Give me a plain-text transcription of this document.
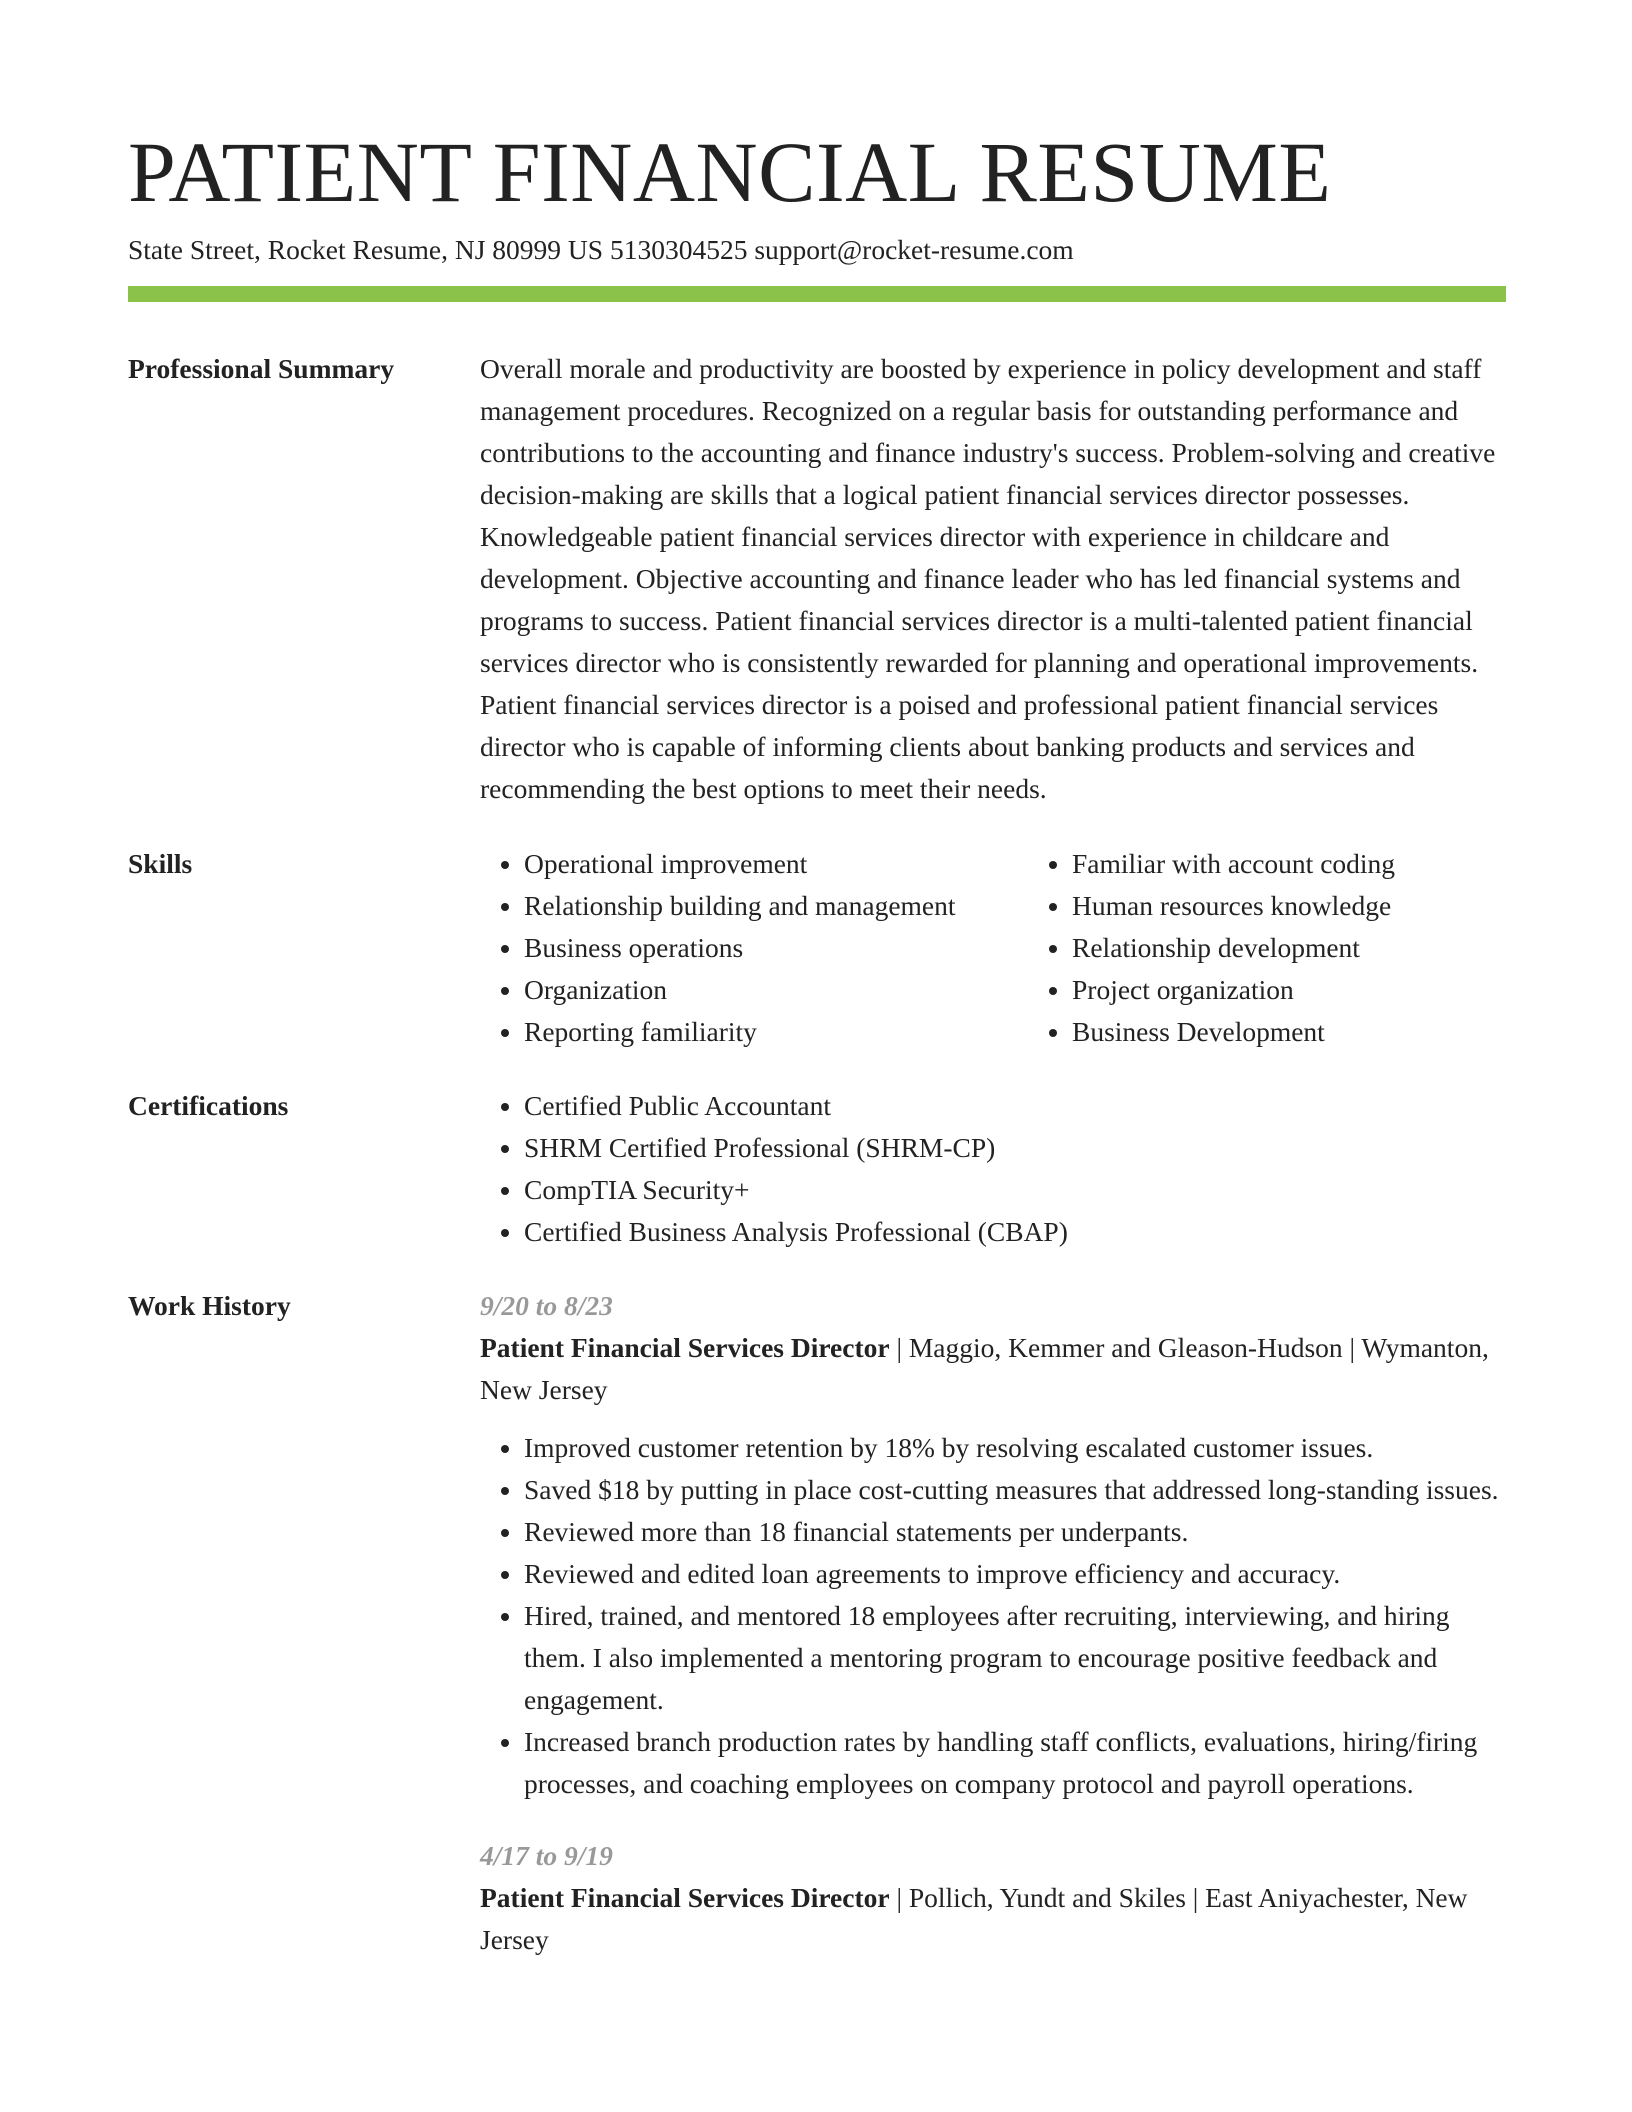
PATIENT FINANCIAL RESUME
State Street, Rocket Resume, NJ 80999 US 5130304525 support@rocket-resume.com
Professional Summary	Overall morale and productivity are boosted by experience in policy development and staff management procedures. Recognized on a regular basis for outstanding performance and contributions to the accounting and finance industry's success. Problem-solving and creative decision-making are skills that a logical patient financial services director possesses. Knowledgeable patient financial services director with experience in childcare and development. Objective accounting and finance leader who has led financial systems and programs to success. Patient financial services director is a multi-talented patient financial services director who is consistently rewarded for planning and operational improvements. Patient financial services director is a poised and professional patient financial services director who is capable of informing clients about banking products and services and recommending the best options to meet their needs.

Skills	• Operational improvement
• Relationship building and management
• Business operations
• Organization
• Reporting familiarity
• Familiar with account coding
• Human resources knowledge
• Relationship development
• Project organization
• Business Development
Certifications	• Certified Public Accountant
• SHRM Certified Professional (SHRM-CP)
• CompTIA Security+
• Certified Business Analysis Professional (CBAP)
Work History	9/20 to 8/23
Patient Financial Services Director | Maggio, Kemmer and Gleason-Hudson | Wymanton, New Jersey
• Improved customer retention by 18% by resolving escalated customer issues.
• Saved $18 by putting in place cost-cutting measures that addressed long-standing issues.
• Reviewed more than 18 financial statements per underpants.
• Reviewed and edited loan agreements to improve efficiency and accuracy.
• Hired, trained, and mentored 18 employees after recruiting, interviewing, and hiring them. I also implemented a mentoring program to encourage positive feedback and engagement.
• Increased branch production rates by handling staff conflicts, evaluations, hiring/firing processes, and coaching employees on company protocol and payroll operations.
4/17 to 9/19
Patient Financial Services Director | Pollich, Yundt and Skiles | East Aniyachester, New Jersey
